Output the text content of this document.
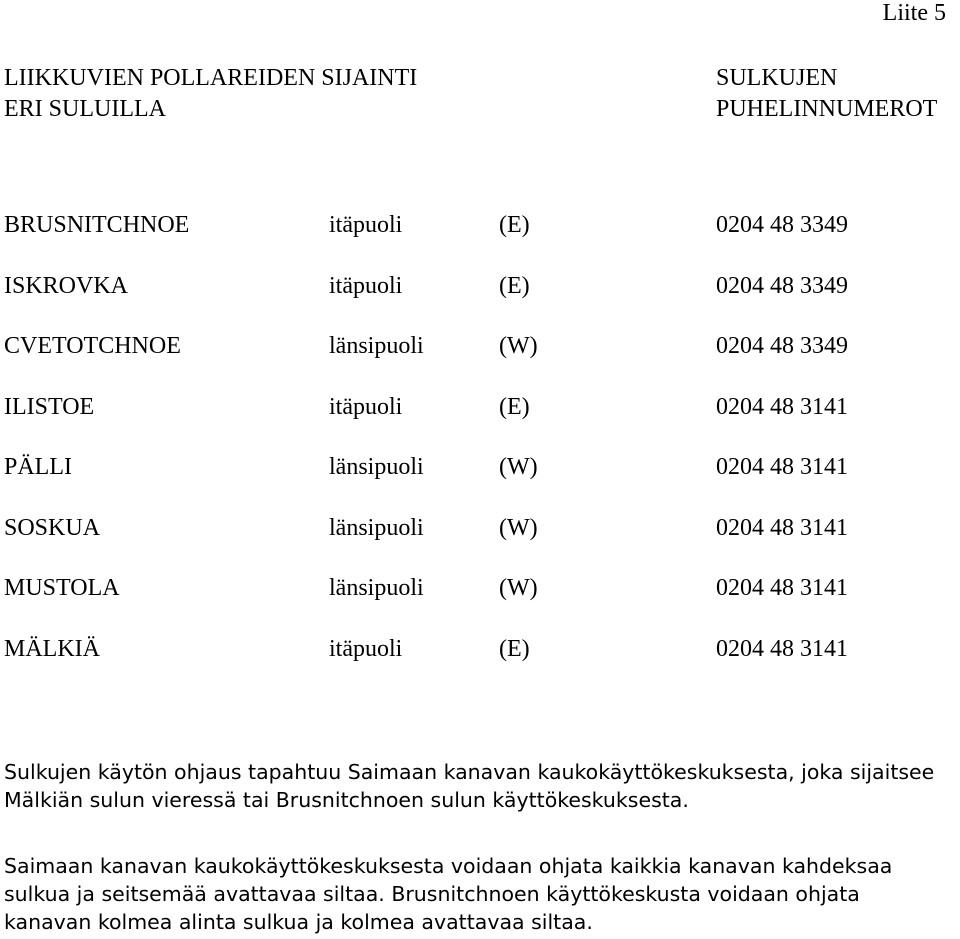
Liite 5
LIIKKUVIEN POLLAREIDEN SIJAINTI
ERI SULUILLA
SULKUJEN
PUHELINNUMEROT
BRUSNITCHNOE	itäpuoli	(E)	0204 48 3349
ISKROVKA	itäpuoli	(E)	0204 48 3349
CVETOTCHNOE	länsipuoli	(W)	0204 48 3349
ILISTOE	itäpuoli	(E)	0204 48 3141
PÄLLI	länsipuoli	(W)	0204 48 3141
SOSKUA	länsipuoli	(W)	0204 48 3141
MUSTOLA	länsipuoli	(W)	0204 48 3141
MÄLKIÄ	itäpuoli	(E)	0204 48 3141
Sulkujen käytön ohjaus tapahtuu Saimaan kanavan kaukokäyttökeskuksesta, joka sijaitsee
Mälkiän sulun vieressä tai Brusnitchnoen sulun käyttökeskuksesta.
Saimaan kanavan kaukokäyttökeskuksesta voidaan ohjata kaikkia kanavan kahdeksaa
sulkua ja seitsemää avattavaa siltaa. Brusnitchnoen käyttökeskusta voidaan ohjata
kanavan kolmea alinta sulkua ja kolmea avattavaa siltaa.
